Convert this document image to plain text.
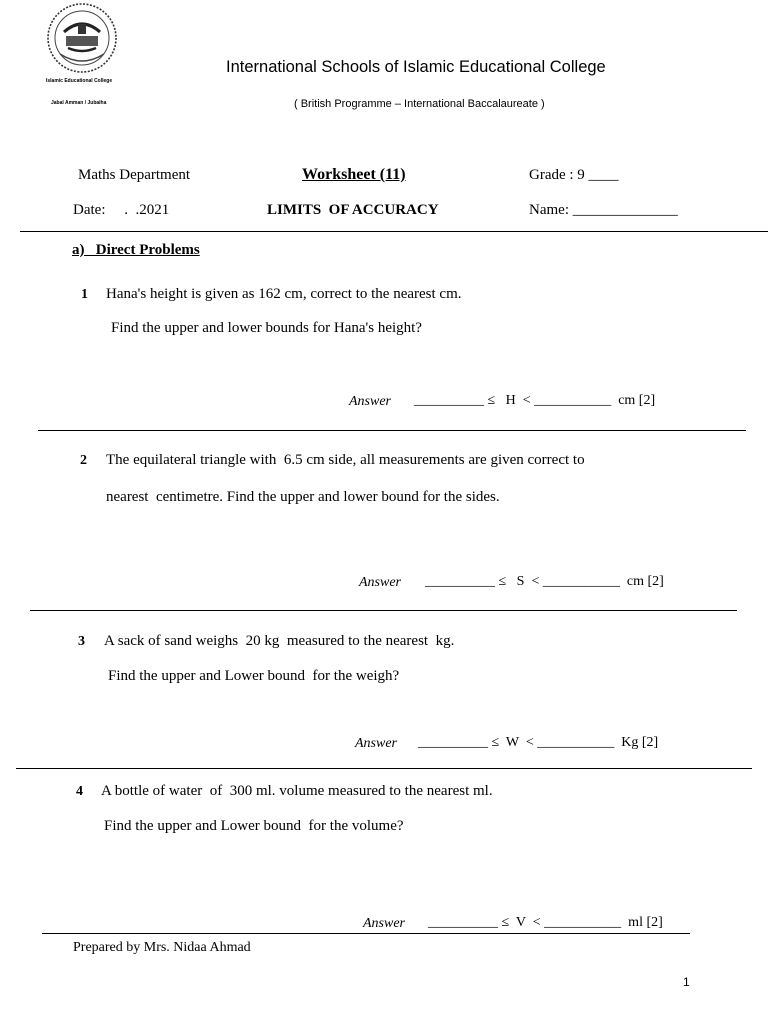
Islamic Educational College
Jabal Amman / Jubaiha
International Schools of Islamic Educational College
( British Programme – International Baccalaureate )
Maths Department	Worksheet (11)	Grade : 9 ____
Date:     .  .2021	LIMITS  OF ACCURACY	Name: ______________
a)   Direct Problems
1 Hana's height is given as 162 cm, correct to the nearest cm.
Find the upper and lower bounds for Hana's height?
Answer __________ ≤   H  < ___________  cm [2]
2 The equilateral triangle with  6.5 cm side, all measurements are given correct to
nearest  centimetre. Find the upper and lower bound for the sides.
Answer __________ ≤   S  < ___________  cm [2]
3 A sack of sand weighs  20 kg  measured to the nearest  kg.
Find the upper and Lower bound  for the weigh?
Answer __________ ≤  W  < ___________  Kg [2]
4 A bottle of water  of  300 ml. volume measured to the nearest ml.
Find the upper and Lower bound  for the volume?
Answer __________ ≤  V  < ___________  ml [2]
Prepared by Mrs. Nidaa Ahmad
1
